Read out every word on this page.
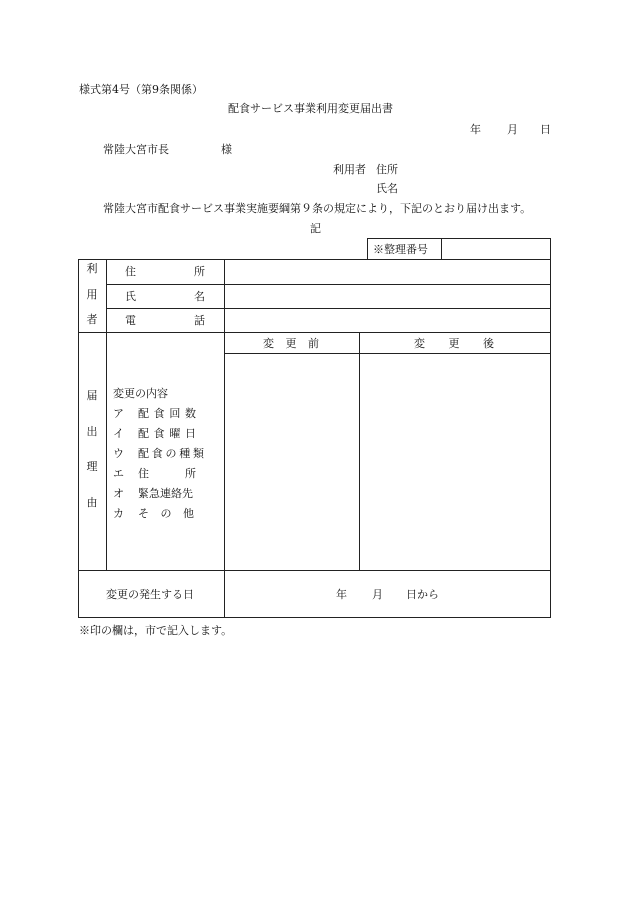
様式第4号（第9条関係）
配食サービス事業利用変更届出書
年 月 日
常陸大宮市長	様
利用者 住所
氏名
常陸大宮市配食サービス事業実施要綱第９条の規定により，下記のとおり届け出ます。
記
※整理番号
利
用
者
住	所
氏	名
電	話
届
出
理
由
変 更 前	変 更 後
変更の内容
ア 配 食 回 数
イ 配 食 曜 日
ウ 配 食 の 種 類
エ 住	所
オ 緊急連絡先
カ そ の 他
変更の発生する日	年 月 日から
※印の欄は，市で記入します。
